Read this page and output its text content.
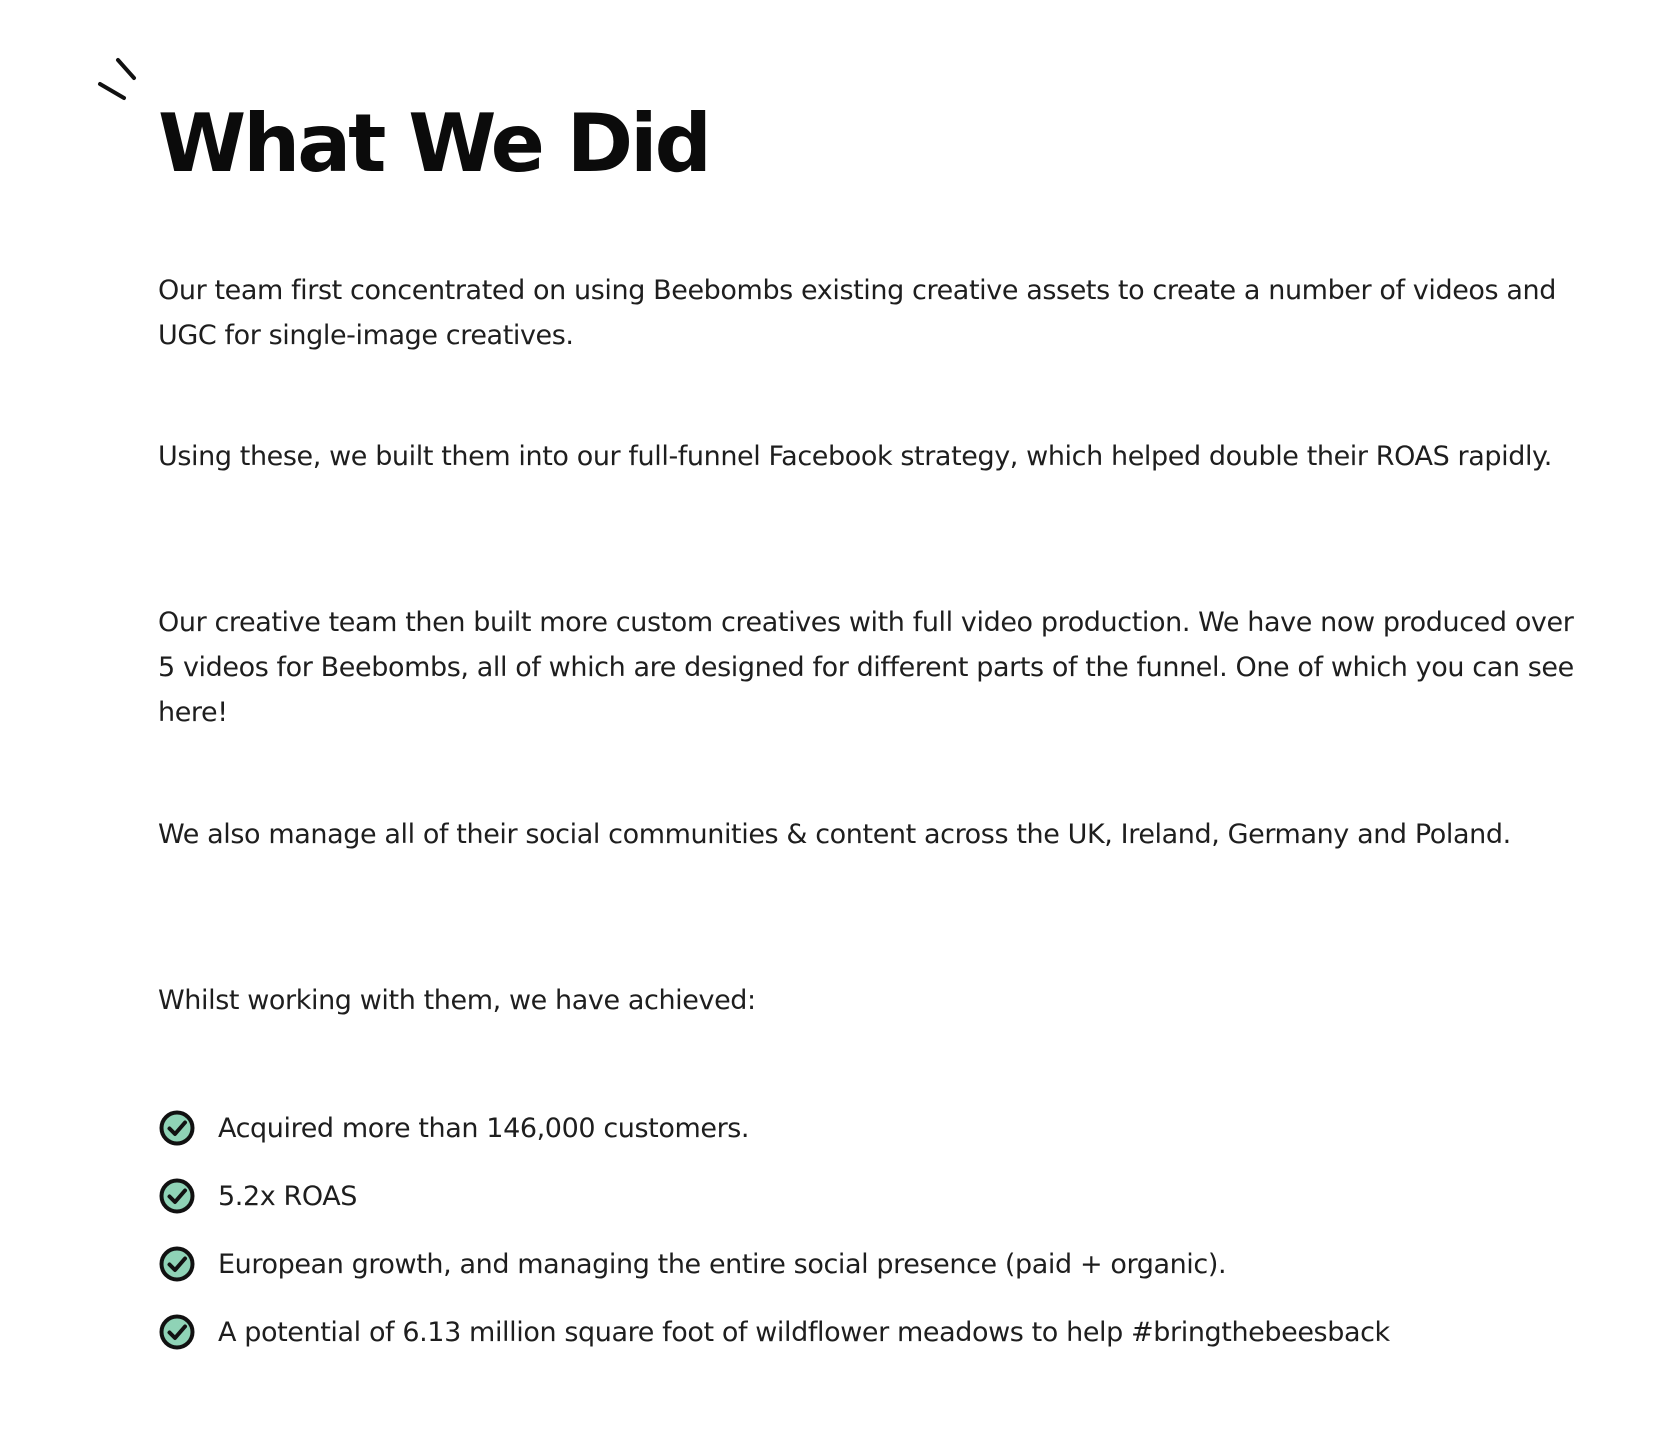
What We Did

Our team first concentrated on using Beebombs existing creative assets to create a number of videos and UGC for single-image creatives.

Using these, we built them into our full-funnel Facebook strategy, which helped double their ROAS rapidly.

Our creative team then built more custom creatives with full video production. We have now produced over 5 videos for Beebombs, all of which are designed for different parts of the funnel. One of which you can see here!

We also manage all of their social communities & content across the UK, Ireland, Germany and Poland.

Whilst working with them, we have achieved:

Acquired more than 146,000 customers.
5.2x ROAS
European growth, and managing the entire social presence (paid + organic).
A potential of 6.13 million square foot of wildflower meadows to help #bringthebeesback
